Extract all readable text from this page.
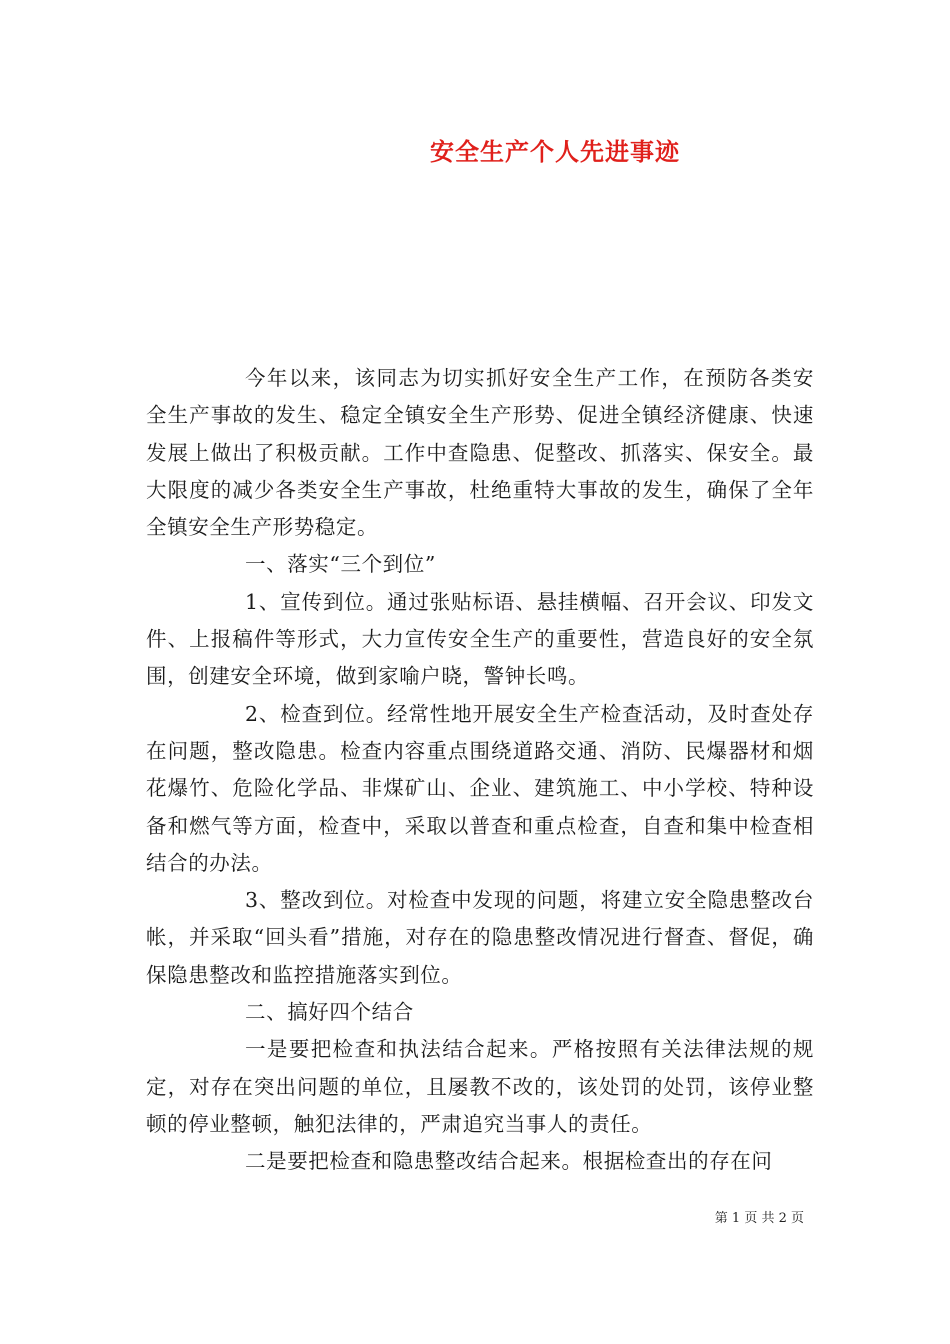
安全生产个人先进事迹

今年以来，该同志为切实抓好安全生产工作，在预防各类安全生产事故的发生、稳定全镇安全生产形势、促进全镇经济健康、快速发展上做出了积极贡献。工作中查隐患、促整改、抓落实、保安全。最大限度的减少各类安全生产事故，杜绝重特大事故的发生，确保了全年全镇安全生产形势稳定。

一、落实“三个到位”

1、宣传到位。通过张贴标语、悬挂横幅、召开会议、印发文件、上报稿件等形式，大力宣传安全生产的重要性，营造良好的安全氛围，创建安全环境，做到家喻户晓，警钟长鸣。

2、检查到位。经常性地开展安全生产检查活动，及时查处存在问题，整改隐患。检查内容重点围绕道路交通、消防、民爆器材和烟花爆竹、危险化学品、非煤矿山、企业、建筑施工、中小学校、特种设备和燃气等方面，检查中，采取以普查和重点检查，自查和集中检查相结合的办法。

3、整改到位。对检查中发现的问题，将建立安全隐患整改台帐，并采取“回头看”措施，对存在的隐患整改情况进行督查、督促，确保隐患整改和监控措施落实到位。

二、搞好四个结合

一是要把检查和执法结合起来。严格按照有关法律法规的规定，对存在突出问题的单位，且屡教不改的，该处罚的处罚，该停业整顿的停业整顿，触犯法律的，严肃追究当事人的责任。

二是要把检查和隐患整改结合起来。根据检查出的存在问

第 1 页 共 2 页
